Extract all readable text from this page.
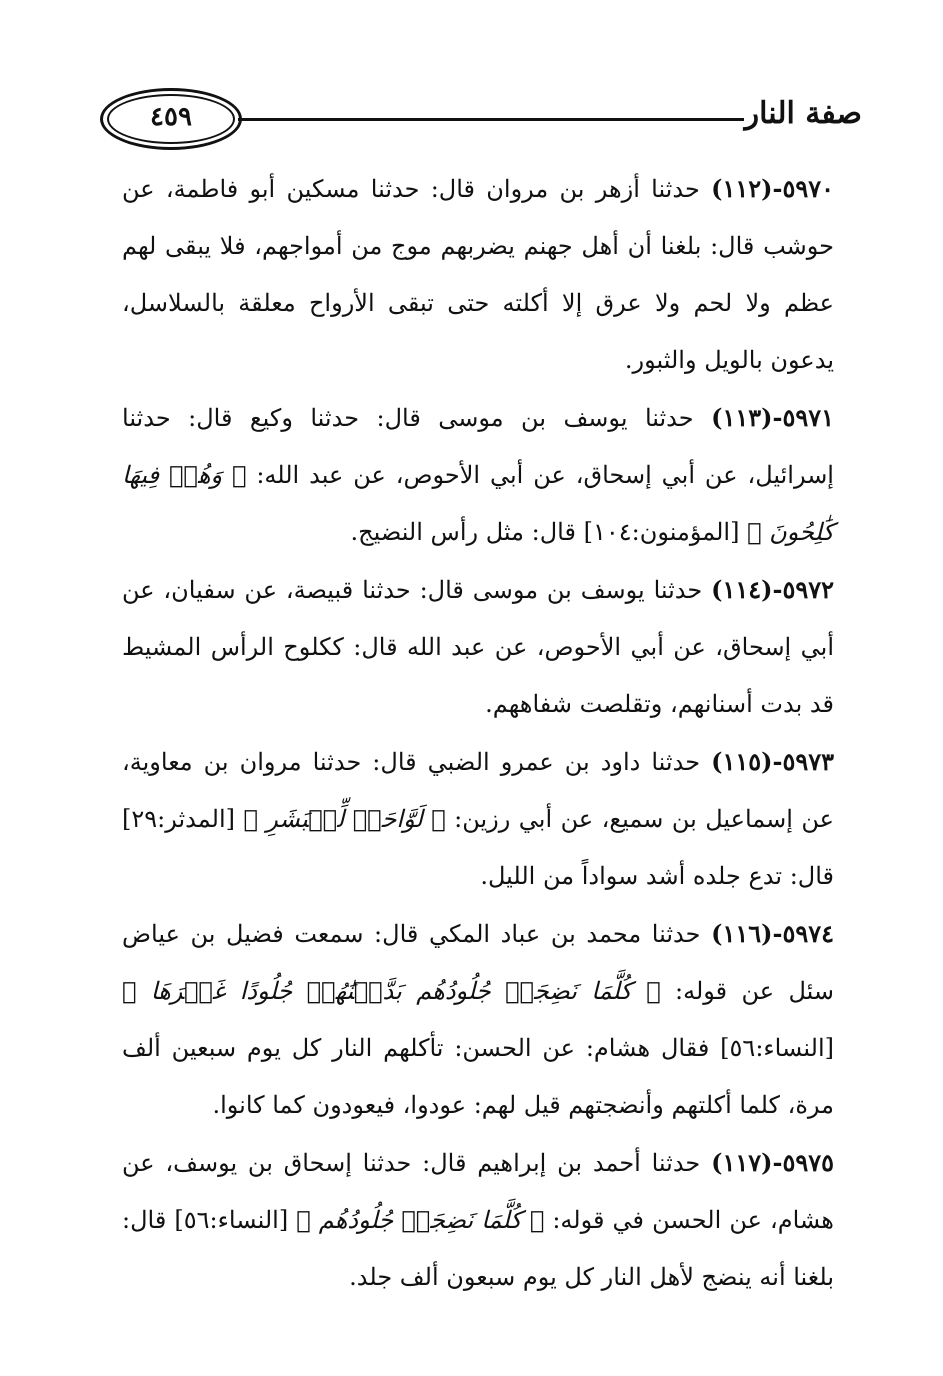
٤٥٩	صفة النار

٥٩٧٠-(١١٢) حدثنا أزهر بن مروان قال: حدثنا مسكين أبو فاطمة، عن حوشب قال: بلغنا أن أهل جهنم يضربهم موج من أمواجهم، فلا يبقى لهم عظم ولا لحم ولا عرق إلا أكلته حتى تبقى الأرواح معلقة بالسلاسل، يدعون بالويل والثبور.

٥٩٧١-(١١٣) حدثنا يوسف بن موسى قال: حدثنا وكيع قال: حدثنا إسرائيل، عن أبي إسحاق، عن أبي الأحوص، عن عبد الله: ﴿ وَهُمۡ فِيهَا كَٰلِحُونَ ﴾ [المؤمنون:١٠٤] قال: مثل رأس النضيج.

٥٩٧٢-(١١٤) حدثنا يوسف بن موسى قال: حدثنا قبيصة، عن سفيان، عن أبي إسحاق، عن أبي الأحوص، عن عبد الله قال: ككلوح الرأس المشيط قد بدت أسنانهم، وتقلصت شفاههم.

٥٩٧٣-(١١٥) حدثنا داود بن عمرو الضبي قال: حدثنا مروان بن معاوية، عن إسماعيل بن سميع، عن أبي رزين: ﴿ لَوَّاحَةٞ لِّلۡبَشَرِ ﴾ [المدثر:٢٩] قال: تدع جلده أشد سواداً من الليل.

٥٩٧٤-(١١٦) حدثنا محمد بن عباد المكي قال: سمعت فضيل بن عياض سئل عن قوله: ﴿ كُلَّمَا نَضِجَتۡ جُلُودُهُم بَدَّلۡنَٰهُمۡ جُلُودًا غَيۡرَهَا ﴾ [النساء:٥٦] فقال هشام: عن الحسن: تأكلهم النار كل يوم سبعين ألف مرة، كلما أكلتهم وأنضجتهم قيل لهم: عودوا، فيعودون كما كانوا.

٥٩٧٥-(١١٧) حدثنا أحمد بن إبراهيم قال: حدثنا إسحاق بن يوسف، عن هشام، عن الحسن في قوله: ﴿ كُلَّمَا نَضِجَتۡ جُلُودُهُم ﴾ [النساء:٥٦] قال: بلغنا أنه ينضج لأهل النار كل يوم سبعون ألف جلد.
